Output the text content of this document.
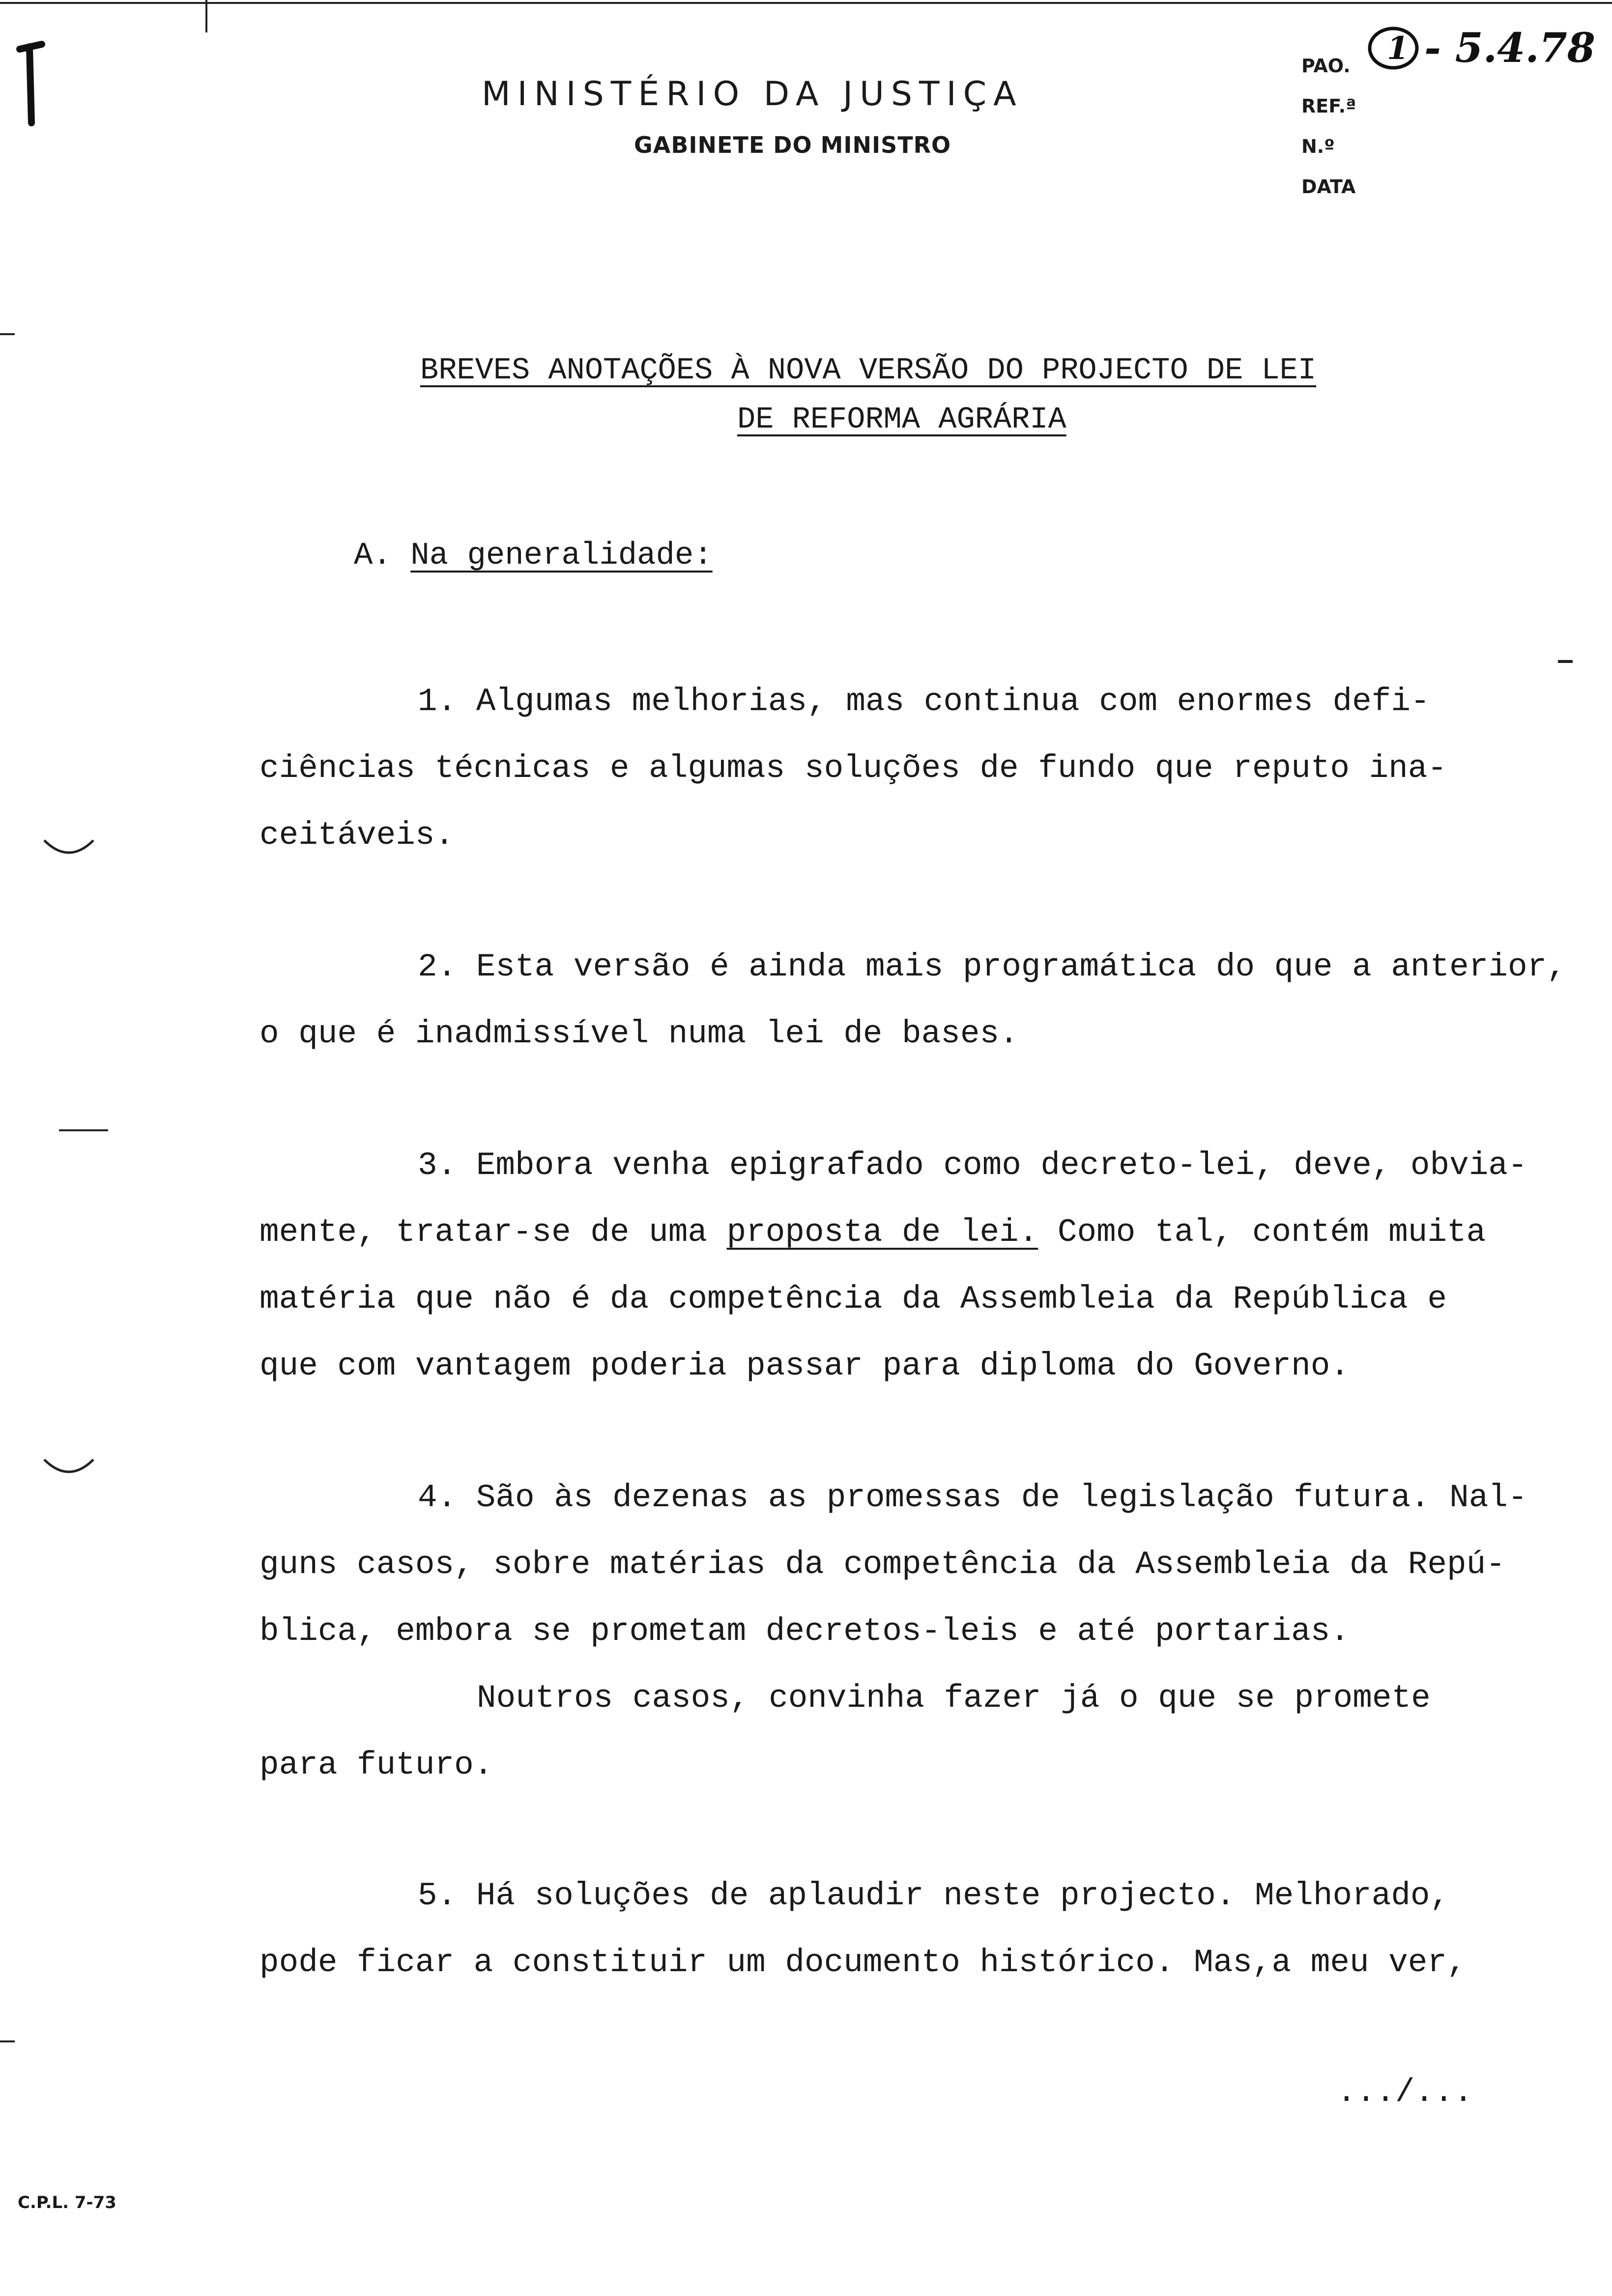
MINISTÉRIO DA JUSTIÇA
GABINETE DO MINISTRO
PAO.
REF.ª
N.º
DATA
1 - 5.4.78
BREVES ANOTAÇÕES À NOVA VERSÃO DO PROJECTO DE LEI
DE REFORMA AGRÁRIA
A. Na generalidade:
1. Algumas melhorias, mas continua com enormes defi-
ciências técnicas e algumas soluções de fundo que reputo ina-
ceitáveis.
2. Esta versão é ainda mais programática do que a anterior,
o que é inadmissível numa lei de bases.
3. Embora venha epigrafado como decreto-lei, deve, obvia-
mente, tratar-se de uma proposta de lei. Como tal, contém muita
matéria que não é da competência da Assembleia da República e
que com vantagem poderia passar para diploma do Governo.
4. São às dezenas as promessas de legislação futura. Nal-
guns casos, sobre matérias da competência da Assembleia da Repú-
blica, embora se prometam decretos-leis e até portarias.
Noutros casos, convinha fazer já o que se promete
para futuro.
5. Há soluções de aplaudir neste projecto. Melhorado,
pode ficar a constituir um documento histórico. Mas,a meu ver,
.../...
C.P.L. 7-73
